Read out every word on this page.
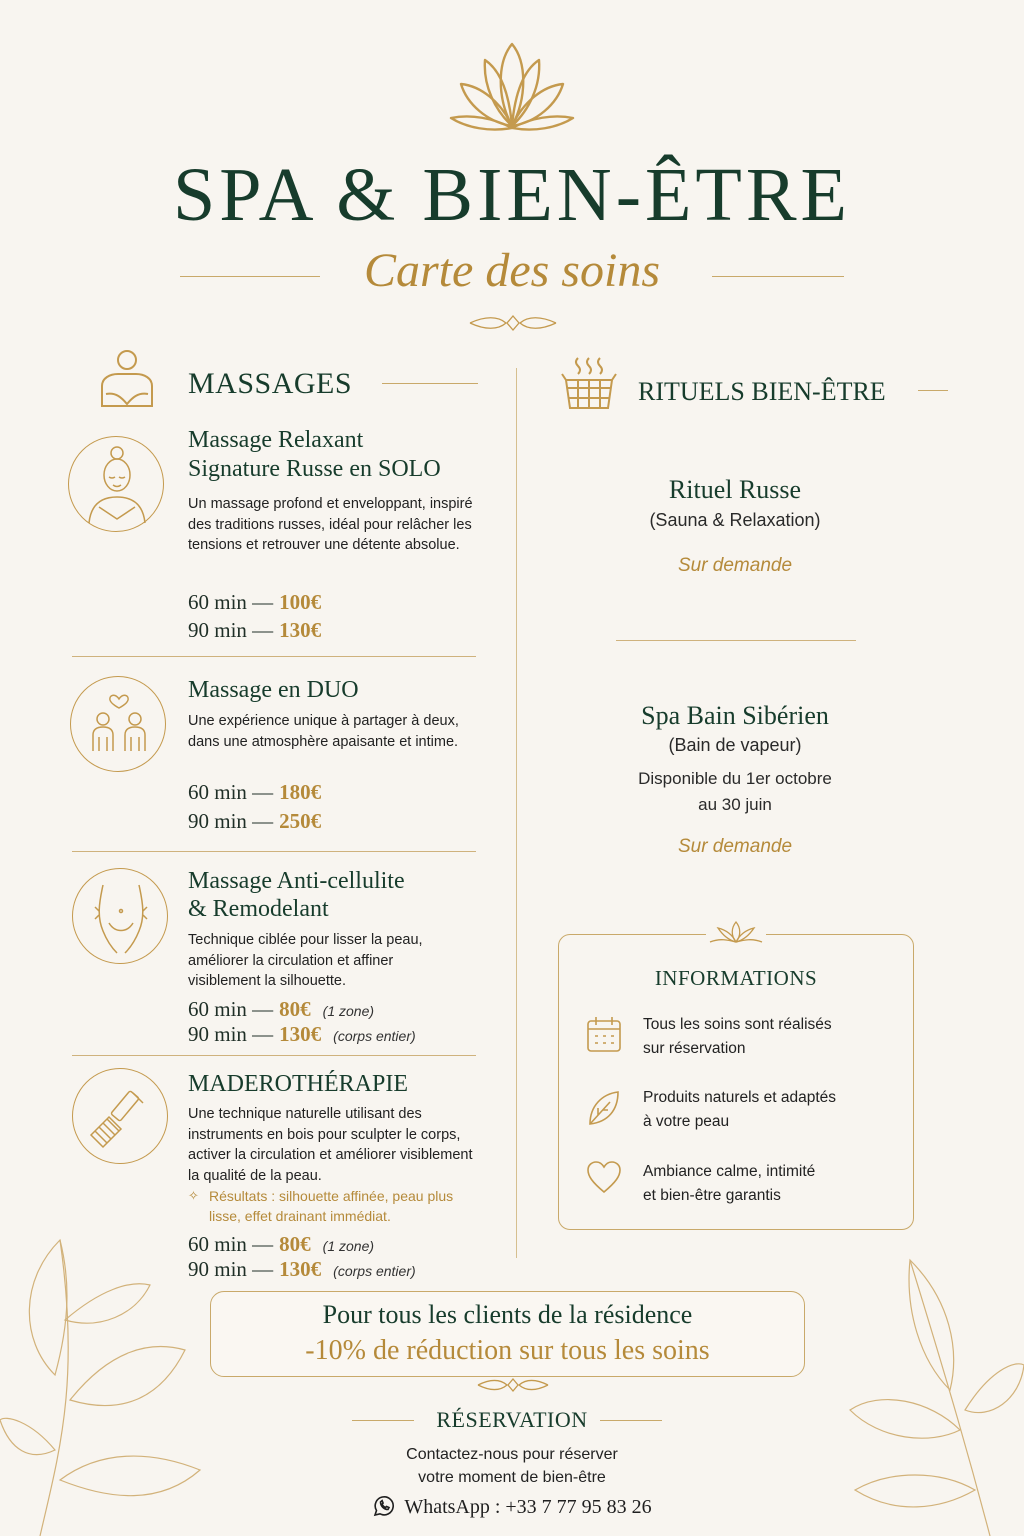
SPA & BIEN-ÊTRE
Carte des soins
MASSAGES
Massage Relaxant
Signature Russe en SOLO
Un massage profond et enveloppant, inspiré des traditions russes, idéal pour relâcher les tensions et retrouver une détente absolue.
60 min — 100€
90 min — 130€
Massage en DUO
Une expérience unique à partager à deux, dans une atmosphère apaisante et intime.
60 min — 180€
90 min — 250€
Massage Anti-cellulite
& Remodelant
Technique ciblée pour lisser la peau, améliorer la circulation et affiner visiblement la silhouette.
60 min — 80€ (1 zone)
90 min — 130€ (corps entier)
MADEROTHÉRAPIE
Une technique naturelle utilisant des instruments en bois pour sculpter le corps, activer la circulation et améliorer visiblement la qualité de la peau.
✧ Résultats : silhouette affinée, peau plus
lisse, effet drainant immédiat.
60 min — 80€ (1 zone)
90 min — 130€ (corps entier)
RITUELS BIEN-ÊTRE
Rituel Russe
(Sauna & Relaxation)
Sur demande
Spa Bain Sibérien
(Bain de vapeur)
Disponible du 1er octobre
au 30 juin
Sur demande
INFORMATIONS
Tous les soins sont réalisés
sur réservation
Produits naturels et adaptés
à votre peau
Ambiance calme, intimité
et bien-être garantis
Pour tous les clients de la résidence
-10% de réduction sur tous les soins
RÉSERVATION
Contactez-nous pour réserver
votre moment de bien-être
WhatsApp : +33 7 77 95 83 26
